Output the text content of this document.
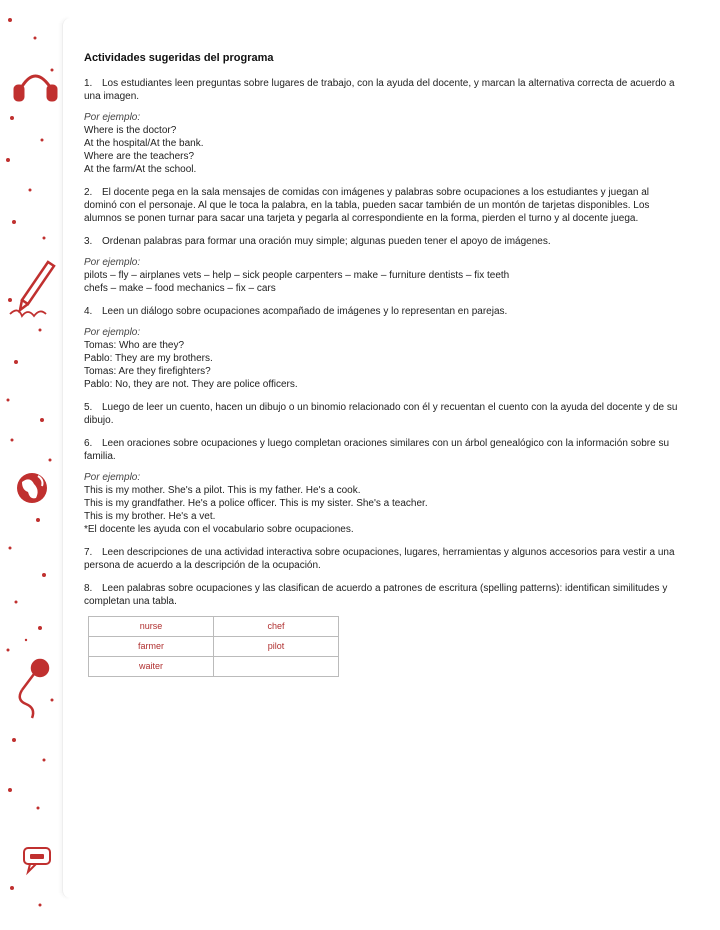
Actividades sugeridas del programa
1. Los estudiantes leen preguntas sobre lugares de trabajo, con la ayuda del docente, y marcan la alternativa correcta de acuerdo a una imagen.
Por ejemplo:

Where is the doctor?

At the hospital/At the bank.

Where are the teachers?

At the farm/At the school.

2. El docente pega en la sala mensajes de comidas con imágenes y palabras sobre ocupaciones a los estudiantes y juegan al dominó con el personaje. Al que le toca la palabra, en la tabla, pueden sacar también de un montón de tarjetas disponibles. Los alumnos se ponen turnar para sacar una tarjeta y pegarla al correspondiente en la forma, pierden el turno y al docente juega.
3. Ordenan palabras para formar una oración muy simple; algunas pueden tener el apoyo de imágenes.
Por ejemplo:

pilots – fly – airplanes vets – help – sick people carpenters – make – furniture dentists – fix teeth

chefs – make – food mechanics – fix – cars

4. Leen un diálogo sobre ocupaciones acompañado de imágenes y lo representan en parejas.
Por ejemplo:

Tomas: Who are they?

Pablo: They are my brothers.

Tomas: Are they firefighters?

Pablo: No, they are not. They are police officers.

5. Luego de leer un cuento, hacen un dibujo o un binomio relacionado con él y recuentan el cuento con la ayuda del docente y de su dibujo.
6. Leen oraciones sobre ocupaciones y luego completan oraciones similares con un árbol genealógico con la información sobre su familia.
Por ejemplo:

This is my mother. She's a pilot. This is my father. He's a cook.

This is my grandfather. He's a police officer. This is my sister. She's a teacher.

This is my brother. He's a vet.

*El docente les ayuda con el vocabulario sobre ocupaciones.

7. Leen descripciones de una actividad interactiva sobre ocupaciones, lugares, herramientas y algunos accesorios para vestir a una persona de acuerdo a la descripción de la ocupación.
8. Leen palabras sobre ocupaciones y las clasifican de acuerdo a patrones de escritura (spelling patterns): identifican similitudes y completan una tabla.
nurse	chef
farmer	pilot
waiter	
